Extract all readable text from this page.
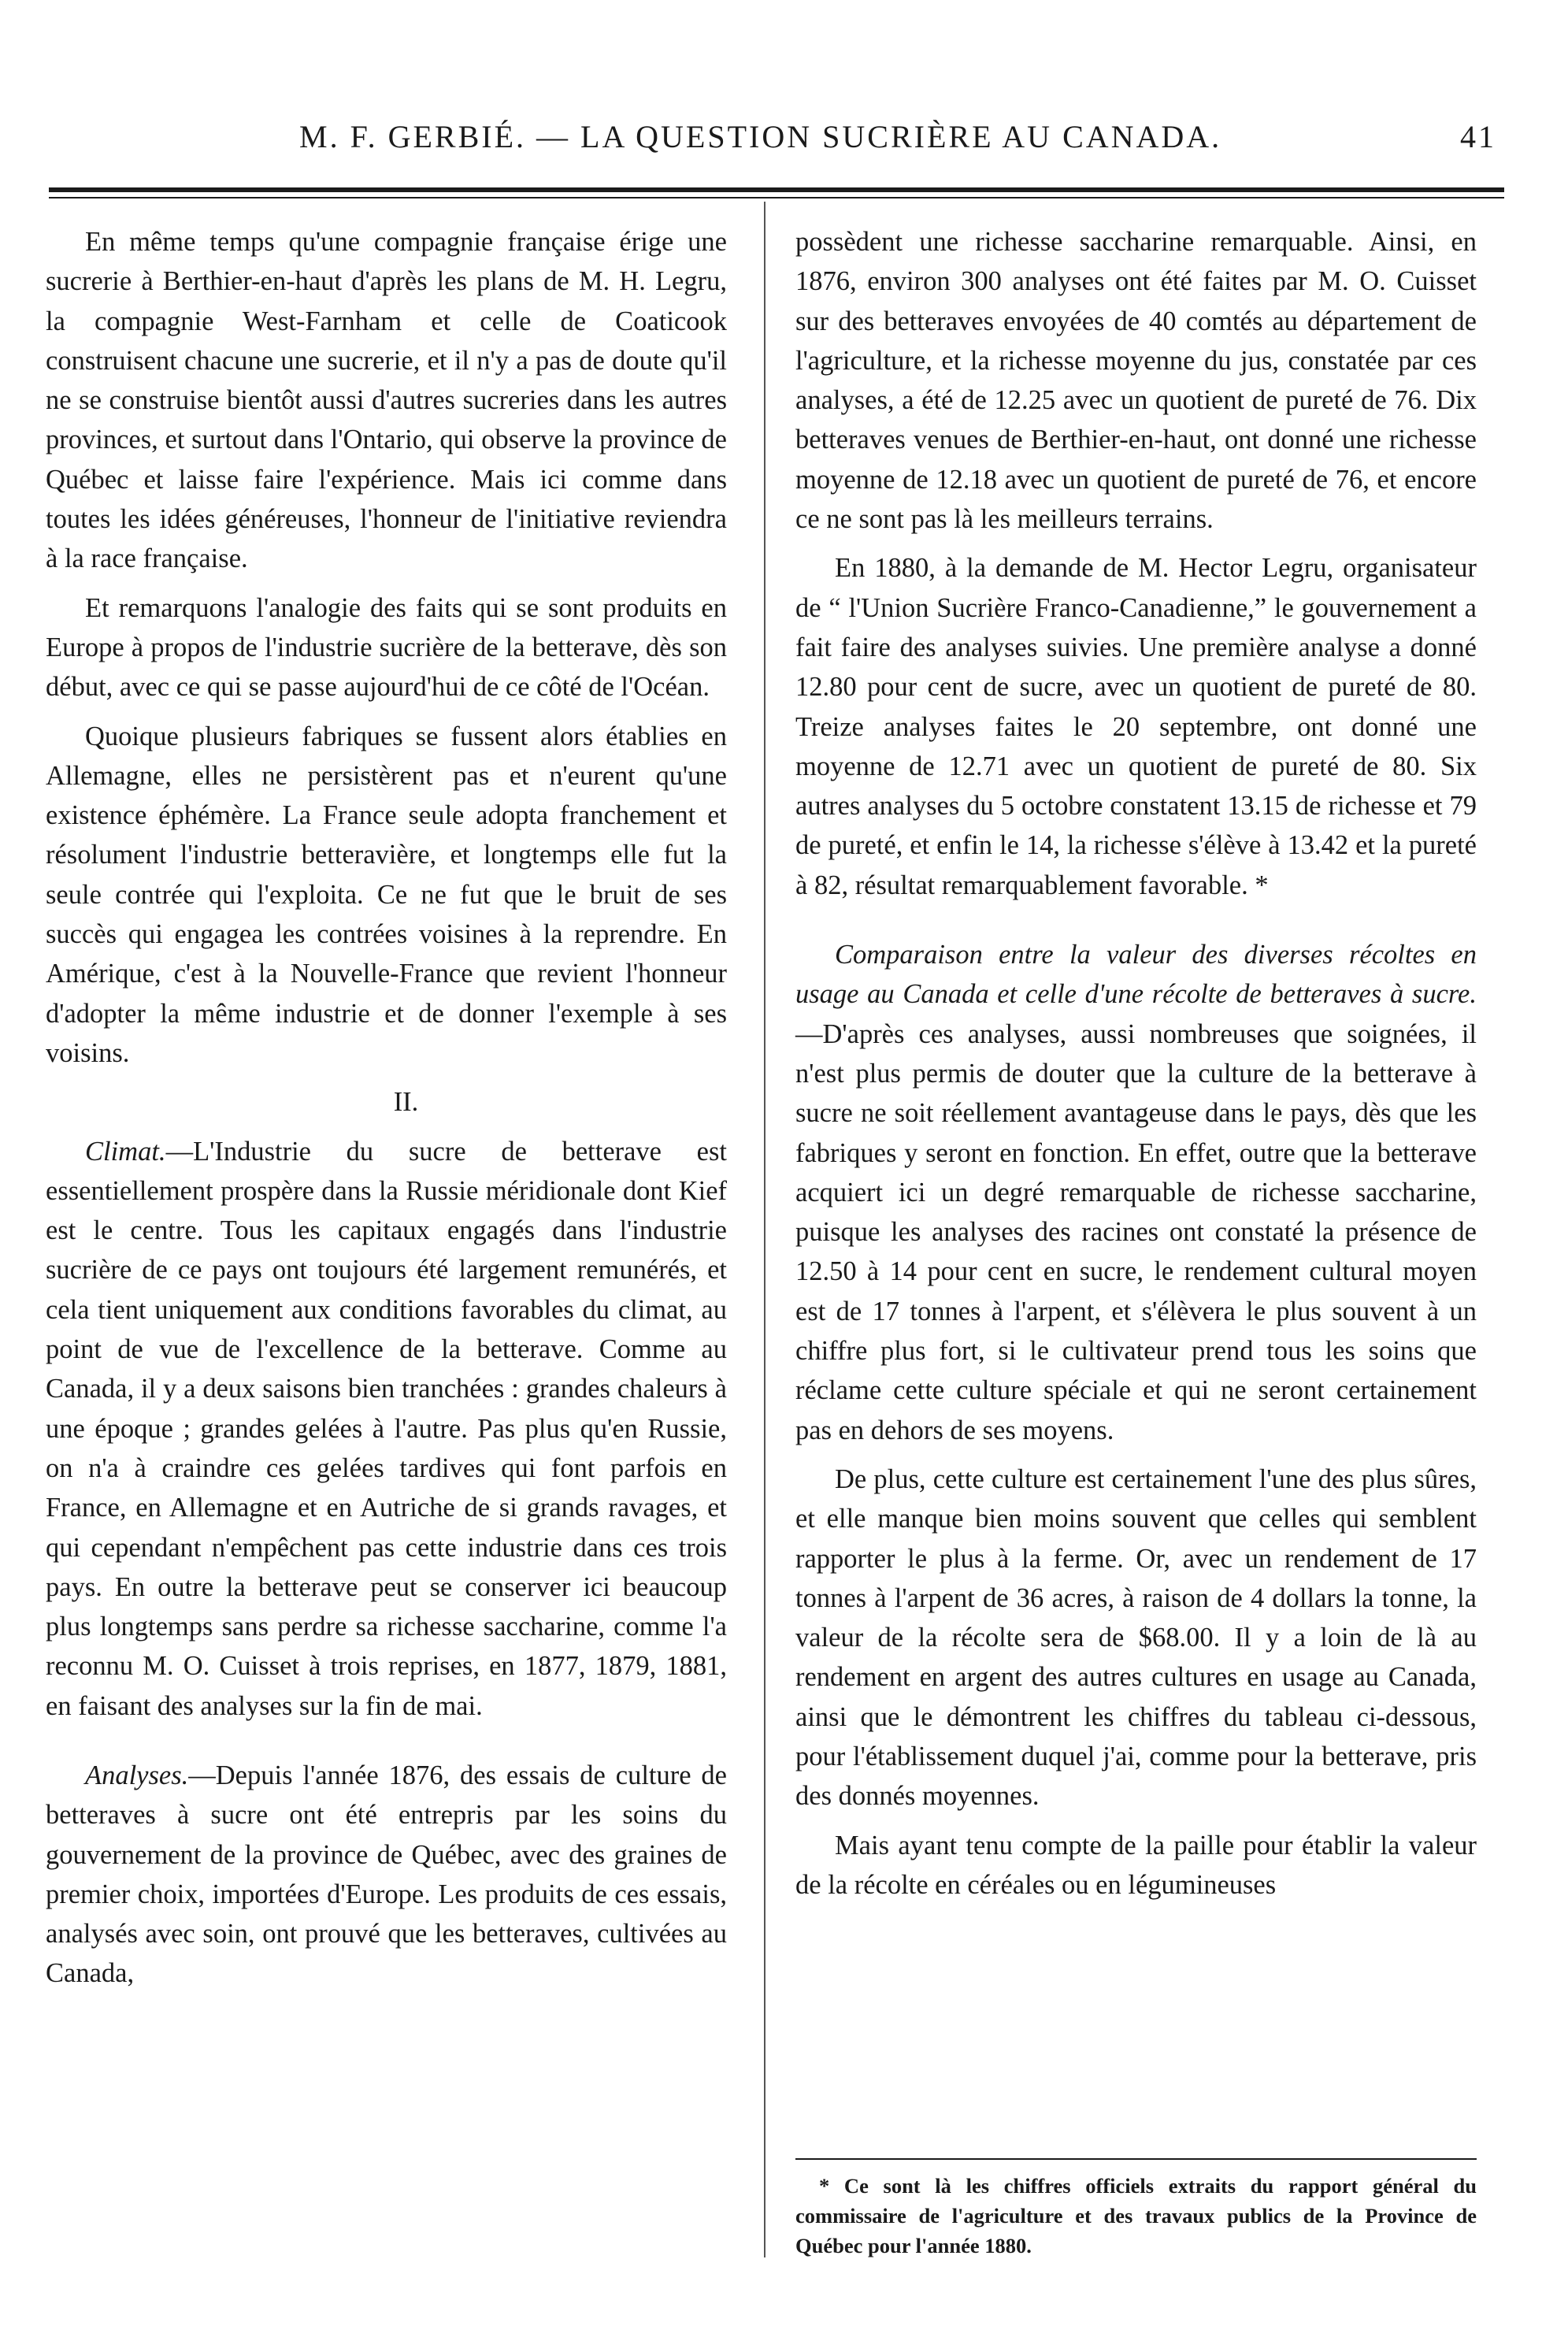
M. F. GERBIÉ. — LA QUESTION SUCRIÈRE AU CANADA.	41

En même temps qu'une compagnie française érige une sucrerie à Berthier-en-haut d'après les plans de M. H. Legru, la compagnie West-Farnham et celle de Coaticook construisent chacune une sucrerie, et il n'y a pas de doute qu'il ne se construise bientôt aussi d'autres sucreries dans les autres provinces, et surtout dans l'Ontario, qui observe la province de Québec et laisse faire l'expérience. Mais ici comme dans toutes les idées généreuses, l'honneur de l'initiative reviendra à la race française.

Et remarquons l'analogie des faits qui se sont produits en Europe à propos de l'industrie sucrière de la betterave, dès son début, avec ce qui se passe aujourd'hui de ce côté de l'Océan.

Quoique plusieurs fabriques se fussent alors établies en Allemagne, elles ne persistèrent pas et n'eurent qu'une existence éphémère. La France seule adopta franchement et résolument l'industrie betteravière, et longtemps elle fut la seule contrée qui l'exploita. Ce ne fut que le bruit de ses succès qui engagea les contrées voisines à la reprendre. En Amérique, c'est à la Nouvelle-France que revient l'honneur d'adopter la même industrie et de donner l'exemple à ses voisins.

II.

Climat.—L'Industrie du sucre de betterave est essentiellement prospère dans la Russie méridionale dont Kief est le centre. Tous les capitaux engagés dans l'industrie sucrière de ce pays ont toujours été largement remunérés, et cela tient uniquement aux conditions favorables du climat, au point de vue de l'excellence de la betterave. Comme au Canada, il y a deux saisons bien tranchées : grandes chaleurs à une époque ; grandes gelées à l'autre. Pas plus qu'en Russie, on n'a à craindre ces gelées tardives qui font parfois en France, en Allemagne et en Autriche de si grands ravages, et qui cependant n'empêchent pas cette industrie dans ces trois pays. En outre la betterave peut se conserver ici beaucoup plus longtemps sans perdre sa richesse saccharine, comme l'a reconnu M. O. Cuisset à trois reprises, en 1877, 1879, 1881, en faisant des analyses sur la fin de mai.

Analyses.—Depuis l'année 1876, des essais de culture de betteraves à sucre ont été entrepris par les soins du gouvernement de la province de Québec, avec des graines de premier choix, importées d'Europe. Les produits de ces essais, analysés avec soin, ont prouvé que les betteraves, cultivées au Canada,

possèdent une richesse saccharine remarquable. Ainsi, en 1876, environ 300 analyses ont été faites par M. O. Cuisset sur des betteraves envoyées de 40 comtés au département de l'agriculture, et la richesse moyenne du jus, constatée par ces analyses, a été de 12.25 avec un quotient de pureté de 76. Dix betteraves venues de Berthier-en-haut, ont donné une richesse moyenne de 12.18 avec un quotient de pureté de 76, et encore ce ne sont pas là les meilleurs terrains.

En 1880, à la demande de M. Hector Legru, organisateur de “ l'Union Sucrière Franco-Canadienne,” le gouvernement a fait faire des analyses suivies. Une première analyse a donné 12.80 pour cent de sucre, avec un quotient de pureté de 80. Treize analyses faites le 20 septembre, ont donné une moyenne de 12.71 avec un quotient de pureté de 80. Six autres analyses du 5 octobre constatent 13.15 de richesse et 79 de pureté, et enfin le 14, la richesse s'élève à 13.42 et la pureté à 82, résultat remarquablement favorable. *

Comparaison entre la valeur des diverses récoltes en usage au Canada et celle d'une récolte de betteraves à sucre.—D'après ces analyses, aussi nombreuses que soignées, il n'est plus permis de douter que la culture de la betterave à sucre ne soit réellement avantageuse dans le pays, dès que les fabriques y seront en fonction. En effet, outre que la betterave acquiert ici un degré remarquable de richesse saccharine, puisque les analyses des racines ont constaté la présence de 12.50 à 14 pour cent en sucre, le rendement cultural moyen est de 17 tonnes à l'arpent, et s'élèvera le plus souvent à un chiffre plus fort, si le cultivateur prend tous les soins que réclame cette culture spéciale et qui ne seront certainement pas en dehors de ses moyens.

De plus, cette culture est certainement l'une des plus sûres, et elle manque bien moins souvent que celles qui semblent rapporter le plus à la ferme. Or, avec un rendement de 17 tonnes à l'arpent de 36 acres, à raison de 4 dollars la tonne, la valeur de la récolte sera de $68.00. Il y a loin de là au rendement en argent des autres cultures en usage au Canada, ainsi que le démontrent les chiffres du tableau ci-dessous, pour l'établissement duquel j'ai, comme pour la betterave, pris des donnés moyennes.

Mais ayant tenu compte de la paille pour établir la valeur de la récolte en céréales ou en légumineuses

* Ce sont là les chiffres officiels extraits du rapport général du commissaire de l'agriculture et des travaux publics de la Province de Québec pour l'année 1880.
